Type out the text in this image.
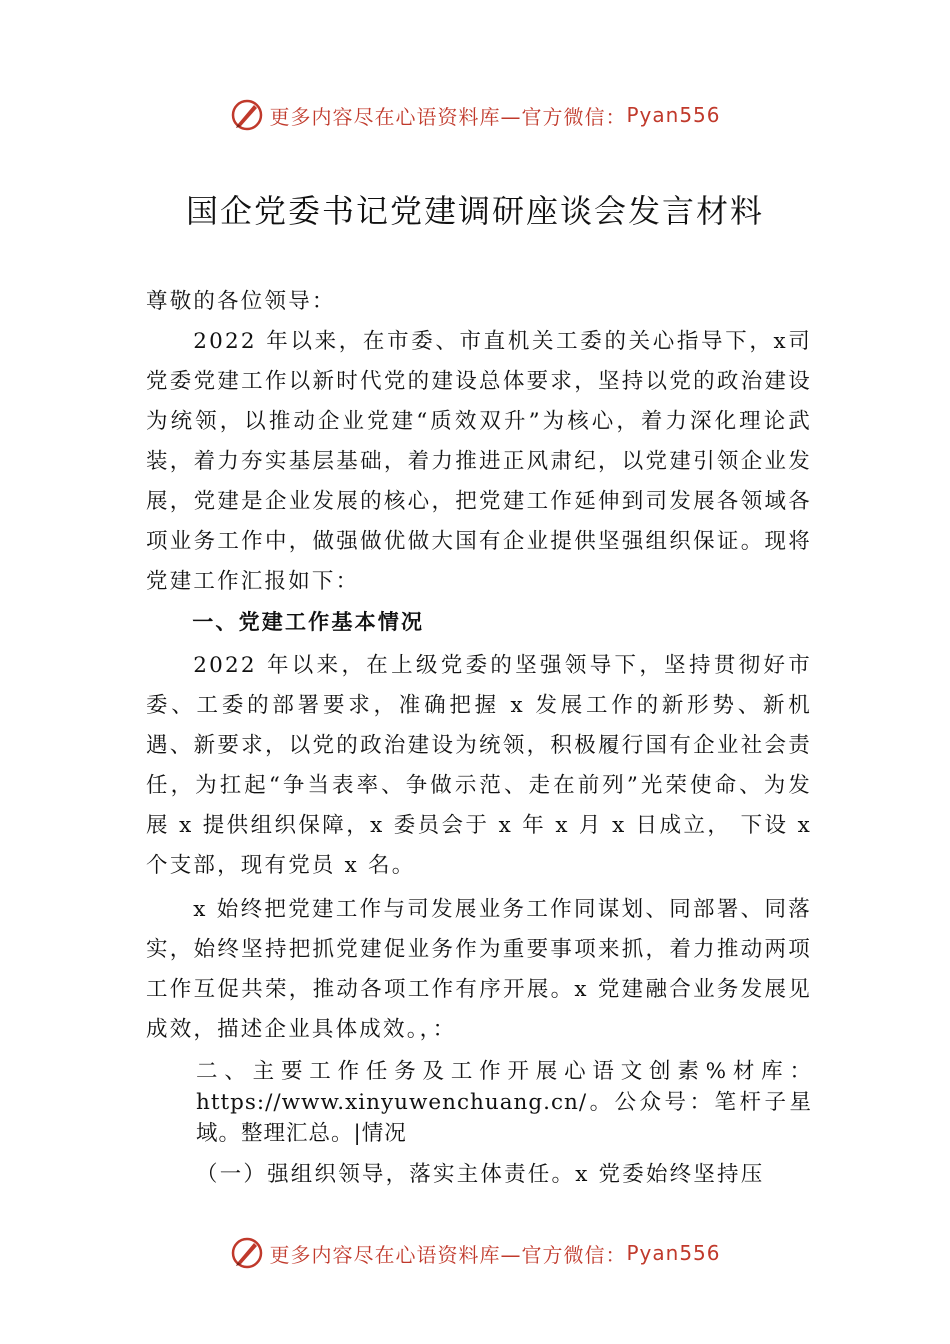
更多内容尽在心语资料库—官方微信： Pyan556
国企党委书记党建调研座谈会发言材料

尊敬的各位领导：

2022 年以来，在市委、市直机关工委的关心指导下，x司党委党建工作以新时代党的建设总体要求，坚持以党的政治建设为统领，以推动企业党建“质效双升”为核心，着力深化理论武装，着力夯实基层基础，着力推进正风肃纪，以党建引领企业发展，党建是企业发展的核心，把党建工作延伸到司发展各领域各项业务工作中，做强做优做大国有企业提供坚强组织保证。现将党建工作汇报如下：

一、党建工作基本情况

2022 年以来，在上级党委的坚强领导下，坚持贯彻好市委、工委的部署要求，准确把握 x 发展工作的新形势、新机遇、新要求，以党的政治建设为统领，积极履行国有企业社会责任，为扛起“争当表率、争做示范、走在前列”光荣使命、为发展 x 提供组织保障，x 委员会于 x 年 x 月 x 日成立， 下设 x 个支部，现有党员 x 名。

x 始终把党建工作与司发展业务工作同谋划、同部署、同落实，始终坚持把抓党建促业务作为重要事项来抓，着力推动两项工作互促共荣，推动各项工作有序开展。x 党建融合业务发展见成效，描述企业具体成效。，：

二、主要工作任务及工作开展心语文创素%材库：https://www.xinyuwenchuang.cn/。公众号：笔杆子星域。整理汇总。|情况

（一）强组织领导，落实主体责任。x 党委始终坚持压

更多内容尽在心语资料库—官方微信： Pyan556
